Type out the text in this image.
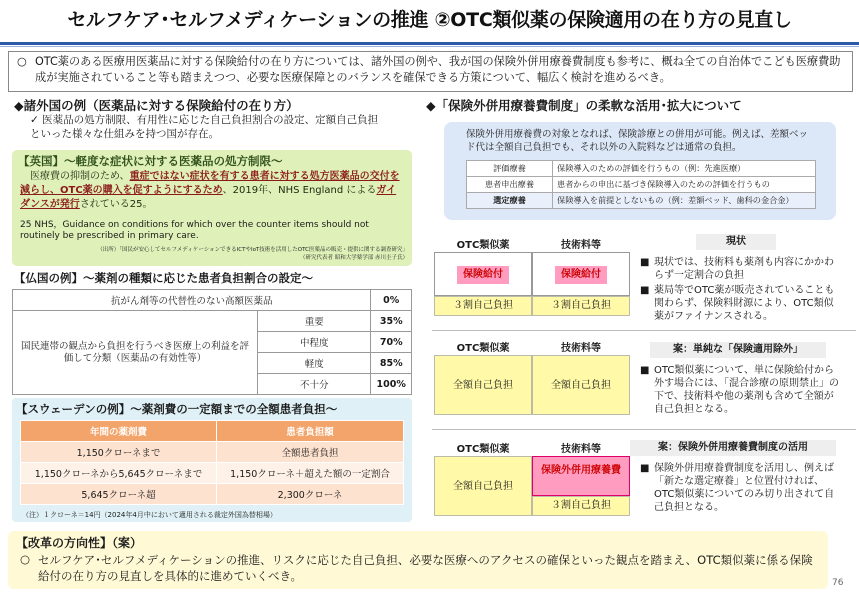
セルフケア･セルフメディケーションの推進 ②OTC類似薬の保険適用の在り方の見直し
○ OTC薬のある医療用医薬品に対する保険給付の在り方については、諸外国の例や、我が国の保険外併用療養費制度も参考に、概ね全ての自治体でこども医療費助成が実施されていること等も踏まえつつ、必要な医療保障とのバランスを確保できる方策について、幅広く検討を進めるべき。
◆諸外国の例（医薬品に対する保険給付の在り方）
✓ 医薬品の処方制限、有用性に応じた自己負担割合の設定、定額自己負担といった様々な仕組みを持つ国が存在。
【英国】～軽度な症状に対する医薬品の処方制限～
医療費の抑制のため、重症ではない症状を有する患者に対する処方医薬品の交付を減らし、OTC薬の購入を促すようにするため、2019年、NHS England によるガイダンスが発行されている25。
25 NHS，Guidance on conditions for which over the counter items should not routinely be prescribed in primary care.
（出所）「国民が安心してセルフメディケーションできるICTやIoT技術を活用したOTC医薬品の販売・提供に関する調査研究」
（研究代表者 昭和大学薬学部 赤川圭子氏）
【仏国の例】～薬剤の種類に応じた患者負担割合の設定～
抗がん剤等の代替性のない高額医薬品		0%
国民連帯の観点から負担を行うべき医療上の利益を評価して分類（医薬品の有効性等）	重要	35%
	中程度	70%
	軽度	85%
	不十分	100%
【スウェーデンの例】～薬剤費の一定額までの全額患者負担～
年間の薬剤費	患者負担額
1,150クローネまで	全額患者負担
1,150クローネから5,645クローネまで	1,150クローネ＋超えた額の一定割合
5,645クローネ超	2,300クローネ
（注）１クローネ＝14円（2024年4月中において適用される裁定外国為替相場）
◆「保険外併用療養費制度」の柔軟な活用･拡大について
保険外併用療養費の対象となれば、保険診療との併用が可能。例えば、差額ベッド代は全額自己負担でも、それ以外の入院料などは通常の負担。
評価療養	保険導入のための評価を行うもの（例：先進医療）
患者申出療養	患者からの申出に基づき保険導入のための評価を行うもの
選定療養	保険導入を前提としないもの（例：差額ベッド、歯科の金合金）
OTC類似薬	技術料等
保険給付	保険給付
３割自己負担	３割自己負担
現状
■ 現状では、技術料も薬剤も内容にかかわらず一定割合の負担
■ 薬局等でOTC薬が販売されていることも関わらず、保険料財源により、OTC類似薬がファイナンスされる。
OTC類似薬	技術料等
全額自己負担	全額自己負担
案：単純な「保険適用除外」
■ OTC類似薬について、単に保険給付から外す場合には、「混合診療の原則禁止」の下で、技術料や他の薬剤も含めて全額が自己負担となる。
OTC類似薬	技術料等
全額自己負担
保険外併用療養費
３割自己負担
案：保険外併用療養費制度の活用
■ 保険外併用療養費制度を活用し、例えば「新たな選定療養」と位置付ければ、OTC類似薬についてのみ切り出されて自己負担となる。
【改革の方向性】（案）
セルフケア･セルフメディケーションの推進、リスクに応じた自己負担、必要な医療へのアクセスの確保といった観点を踏まえ、OTC類似薬に係る保険給付の在り方の見直しを具体的に進めていくべき。
○
76
